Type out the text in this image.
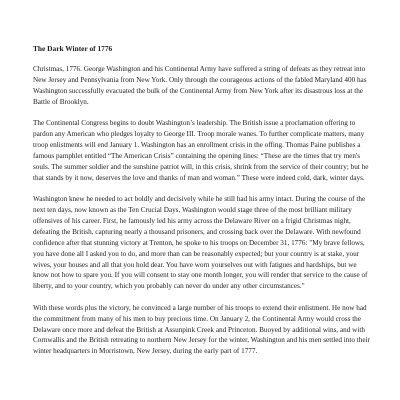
The Dark Winter of 1776

Christmas, 1776. George Washington and his Continental Army have suffered a string of defeats as they retreat into New Jersey and Pennsylvania from New York. Only through the courageous actions of the fabled Maryland 400 has Washington successfully evacuated the bulk of the Continental Army from New York after its disastrous loss at the Battle of Brooklyn.

The Continental Congress begins to doubt Washington’s leadership. The British issue a proclamation offering to pardon any American who pledges loyalty to George III. Troop morale wanes. To further complicate matters, many troop enlistments will end January 1. Washington has an enrollment crisis in the offing. Thomas Paine publishes a famous pamphlet entitled “The American Crisis” containing the opening lines: “These are the times that try men's souls. The summer soldier and the sunshine patriot will, in this crisis, shrink from the service of their country; but he that stands by it now, deserves the love and thanks of man and woman.” These were indeed cold, dark, winter days.

Washington knew he needed to act boldly and decisively while he still had his army intact. During the course of the next ten days, now known as the Ten Crucial Days, Washington would stage three of the most brilliant military offensives of his career. First, he famously led his army across the Delaware River on a frigid Christmas night, defeating the British, capturing nearly a thousand prisoners, and crossing back over the Delaware. With newfound confidence after that stunning victory at Trenton, he spoke to his troops on December 31, 1776: "My brave fellows, you have done all I asked you to do, and more than can be reasonably expected; but your country is at stake, your wives, your houses and all that you hold dear. You have worn yourselves out with fatigues and hardships, but we know not how to spare you. If you will consent to stay one month longer, you will render that service to the cause of liberty, and to your country, which you probably can never do under any other circumstances."

With these words plus the victory, he convinced a large number of his troops to extend their enlistment. He now had the commitment from many of his men to buy precious time. On January 2, the Continental Army would cross the Delaware once more and defeat the British at Assunpink Creek and Princeton. Buoyed by additional wins, and with Cornwallis and the British retreating to northern New Jersey for the winter, Washington and his men settled into their winter headquarters in Morristown, New Jersey, during the early part of 1777.
